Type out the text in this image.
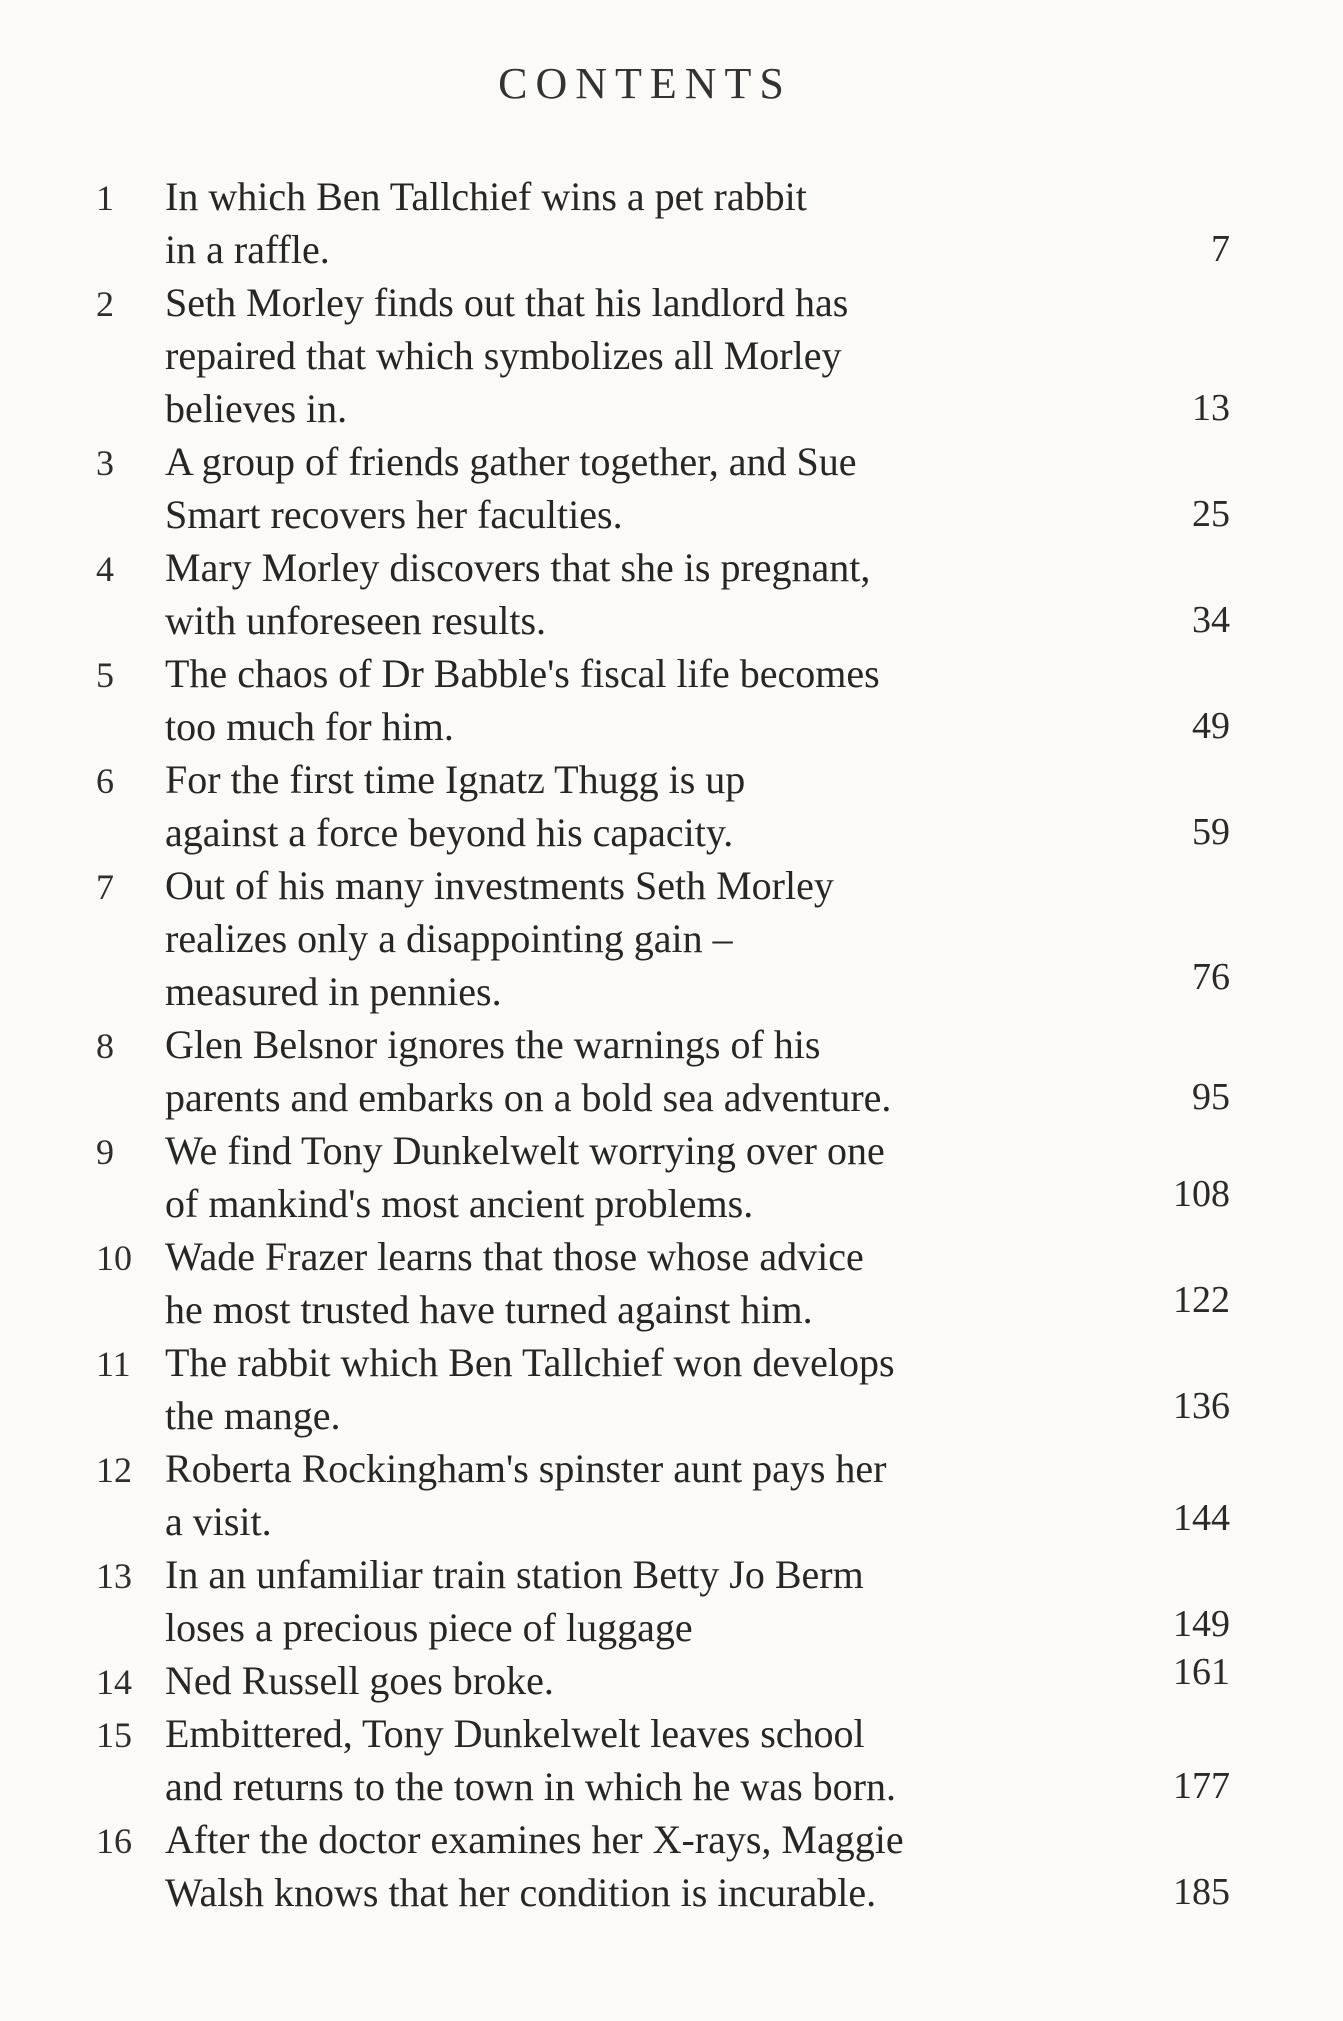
CONTENTS
1	In which Ben Tallchief wins a pet rabbit
in a raffle.	7
2	Seth Morley finds out that his landlord has
repaired that which symbolizes all Morley
believes in.	13
3	A group of friends gather together, and Sue
Smart recovers her faculties.	25
4	Mary Morley discovers that she is pregnant,
with unforeseen results.	34
5	The chaos of Dr Babble's fiscal life becomes
too much for him.	49
6	For the first time Ignatz Thugg is up
against a force beyond his capacity.	59
7	Out of his many investments Seth Morley
realizes only a disappointing gain –
measured in pennies.	76
8	Glen Belsnor ignores the warnings of his
parents and embarks on a bold sea adventure.	95
9	We find Tony Dunkelwelt worrying over one
of mankind's most ancient problems.	108
10 Wade Frazer learns that those whose advice
he most trusted have turned against him.	122
11 The rabbit which Ben Tallchief won develops
the mange.	136
12 Roberta Rockingham's spinster aunt pays her
a visit.	144
13 In an unfamiliar train station Betty Jo Berm
loses a precious piece of luggage	149
14 Ned Russell goes broke.	161
15 Embittered, Tony Dunkelwelt leaves school
and returns to the town in which he was born.	177
16 After the doctor examines her X-rays, Maggie
Walsh knows that her condition is incurable.	185
